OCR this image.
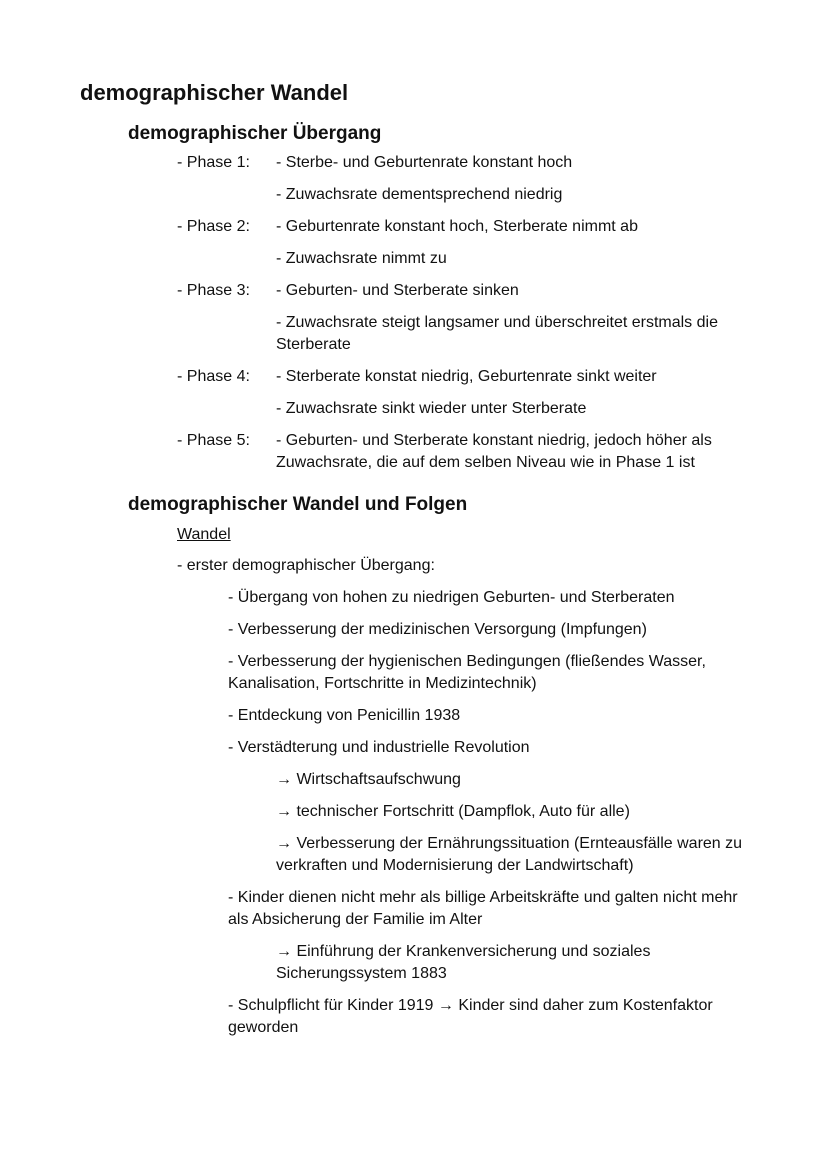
demographischer Wandel
demographischer Übergang
- Phase 1:	- Sterbe- und Geburtenrate konstant hoch

- Zuwachsrate dementsprechend niedrig

- Phase 2:	- Geburtenrate konstant hoch, Sterberate nimmt ab

- Zuwachsrate nimmt zu

- Phase 3:	- Geburten- und Sterberate sinken

- Zuwachsrate steigt langsamer und überschreitet erstmals die Sterberate

- Phase 4:	- Sterberate konstat niedrig, Geburtenrate sinkt weiter

- Zuwachsrate sinkt wieder unter Sterberate

- Phase 5:	- Geburten- und Sterberate konstant niedrig, jedoch höher als Zuwachsrate, die auf dem selben Niveau wie in Phase 1 ist

demographischer Wandel und Folgen

Wandel

- erster demographischer Übergang:

- Übergang von hohen zu niedrigen Geburten- und Sterberaten

- Verbesserung der medizinischen Versorgung (Impfungen)

- Verbesserung der hygienischen Bedingungen (fließendes Wasser, Kanalisation, Fortschritte in Medizintechnik)

- Entdeckung von Penicillin 1938

- Verstädterung und industrielle Revolution

→ Wirtschaftsaufschwung

→ technischer Fortschritt (Dampflok, Auto für alle)

→ Verbesserung der Ernährungssituation (Ernteausfälle waren zu verkraften und Modernisierung der Landwirtschaft)

- Kinder dienen nicht mehr als billige Arbeitskräfte und galten nicht mehr als Absicherung der Familie im Alter

→ Einführung der Krankenversicherung und soziales Sicherungssystem 1883

- Schulpflicht für Kinder 1919 → Kinder sind daher zum Kostenfaktor geworden
